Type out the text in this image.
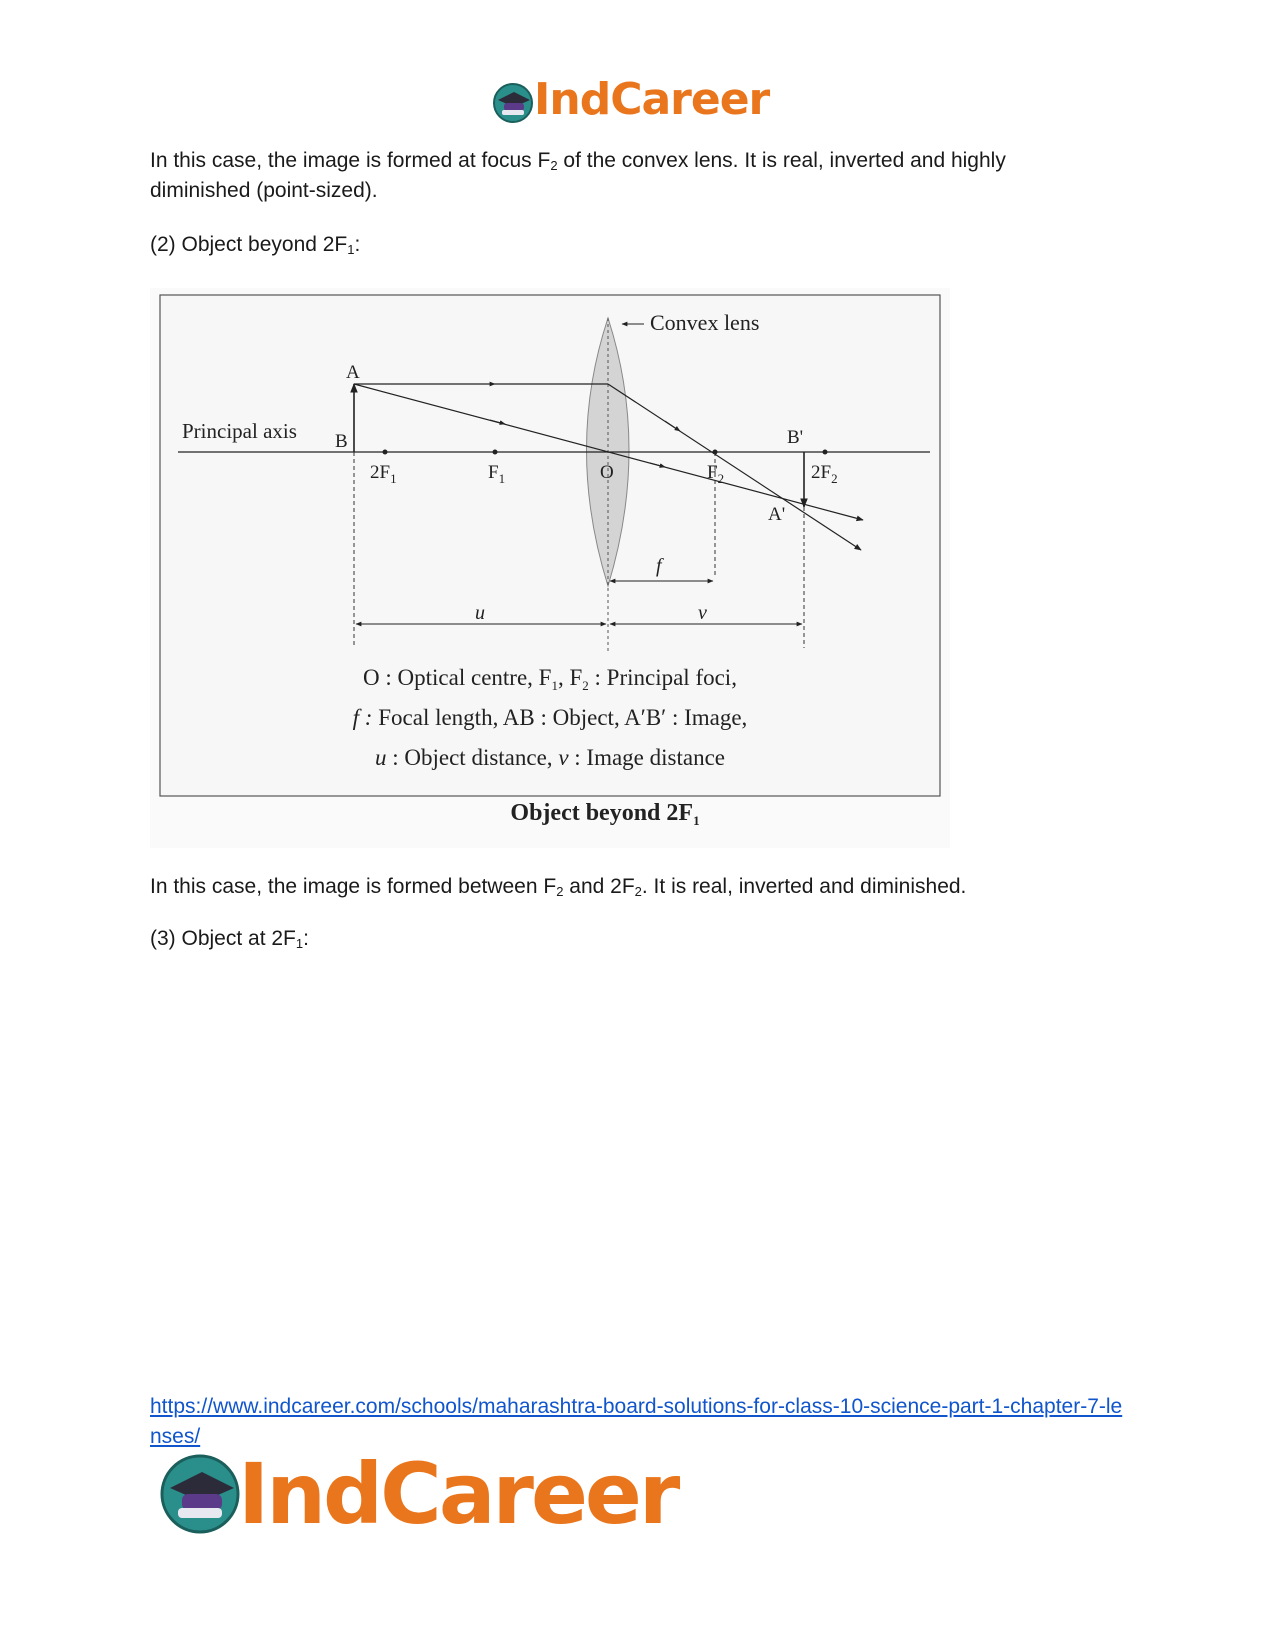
IndCareer
In this case, the image is formed at focus $F_2$ of the convex lens. It is real, inverted and highly diminished (point-sized).
(2) Object beyond $2F_1$:
Convex lens
Principal axis
A
B
$2F_1$	$F_1$	O	$F_2$	$2F_2$
B'
A'
f
u	v
O : Optical centre, $F_1$, $F_2$ : Principal foci,
f : Focal length, AB : Object, A′B′ : Image,
u : Object distance, v : Image distance
Object beyond $2F_1$
In this case, the image is formed between $F_2$ and $2F_2$. It is real, inverted and diminished.
(3) Object at $2F_1$:
https://www.indcareer.com/schools/maharashtra-board-solutions-for-class-10-science-part-1-chapter-7-lenses/
IndCareer
